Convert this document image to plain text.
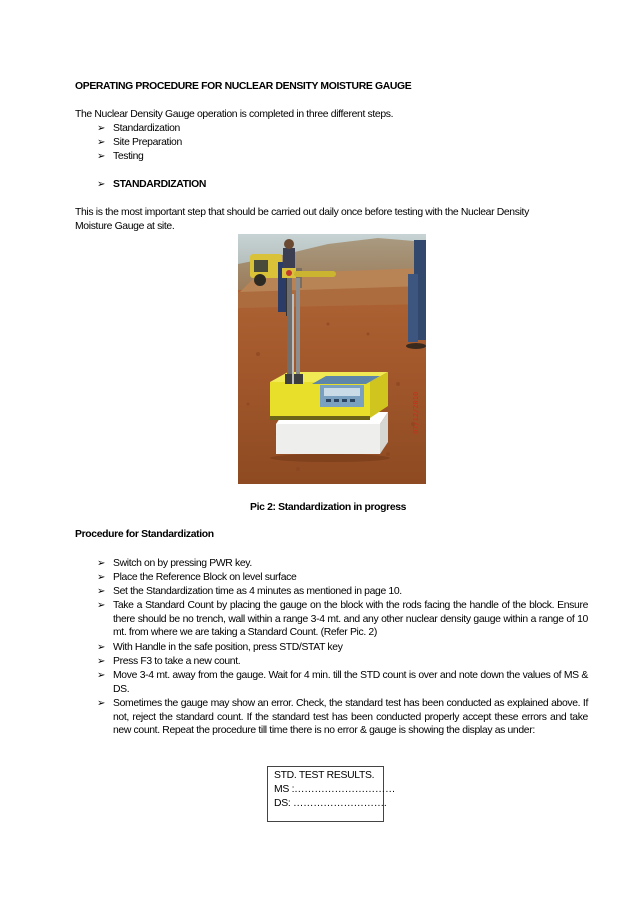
OPERATING PROCEDURE FOR NUCLEAR DENSITY MOISTURE GAUGE
The Nuclear Density Gauge operation is completed in three different steps.
➢ Standardization
➢ Site Preparation
➢ Testing
➢ STANDARDIZATION
This is the most important step that should be carried out daily once before testing with the Nuclear Density
Moisture Gauge at site.
07/12/2010
Pic 2: Standardization in progress
Procedure for Standardization
➢ Switch on by pressing PWR key.
➢ Place the Reference Block on level surface
➢ Set the Standardization time as 4 minutes as mentioned in page 10.
➢ Take a Standard Count by placing the gauge on the block with the rods facing the handle of the block. Ensure there should be no trench, wall within a range 3-4 mt. and any other nuclear density gauge within a range of 10 mt. from where we are taking a Standard Count. (Refer Pic. 2)
➢ With Handle in the safe position, press STD/STAT key
➢ Press F3 to take a new count.
➢ Move 3-4 mt. away from the gauge. Wait for 4 min. till the STD count is over and note down the values of MS & DS.
➢ Sometimes the gauge may show an error. Check, the standard test has been conducted as explained above. If not, reject the standard count. If the standard test has been conducted properly accept these errors and take new count. Repeat the procedure till time there is no error & gauge is showing the display as under:
STD. TEST RESULTS.
MS :…………………………
DS: ……………………….
